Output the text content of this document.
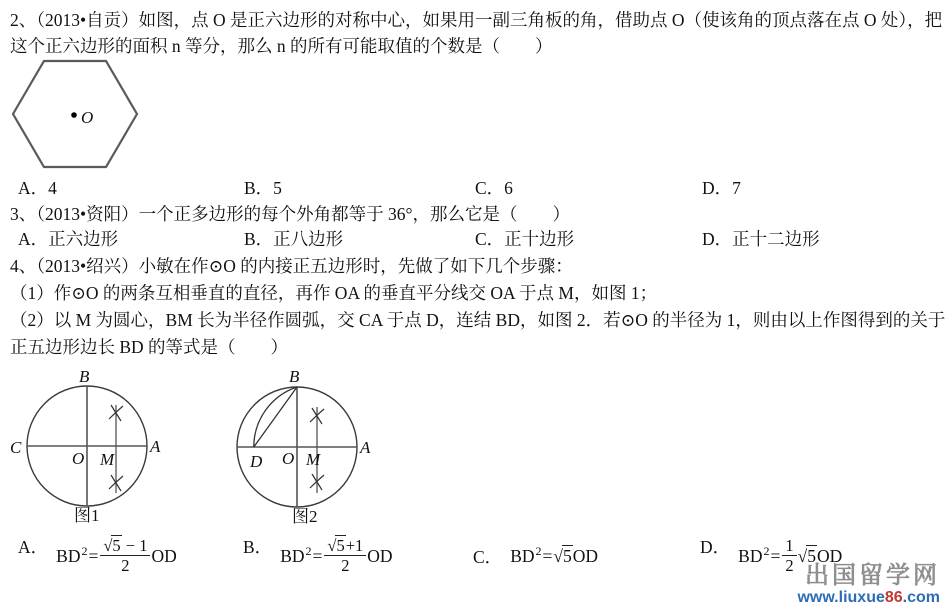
2、（2013•自贡）如图，点 O 是正六边形的对称中心，如果用一副三角板的角，借助点 O（使该角的顶点落在点 O 处），把
这个正六边形的面积 n 等分，那么 n 的所有可能取值的个数是（　　）
O
A．4	B．5	C．6	D．7
3、（2013•资阳）一个正多边形的每个外角都等于 36°，那么它是（　　）
A．正六边形	B．正八边形	C．正十边形	D．正十二边形
4、（2013•绍兴）小敏在作⊙O 的内接正五边形时，先做了如下几个步骤：
（1）作⊙O 的两条互相垂直的直径，再作 OA 的垂直平分线交 OA 于点 M，如图 1；
（2）以 M 为圆心，BM 长为半径作圆弧，交 CA 于点 D，连结 BD，如图 2．若⊙O 的半径为 1，则由以上作图得到的关于
正五边形边长 BD 的等式是（　　）
B
C	A
O M
图1
B
A
D O M
图2
A． $BD^2 = \frac{√5 - 1}{2}$ OD	B． $BD^2 = \frac{√5+1}{2}$ OD	C． $BD^2 = √5$ OD	D． $BD^2 = \frac{1}{2} √5$ OD
出国留学网
www.liuxue86.com
